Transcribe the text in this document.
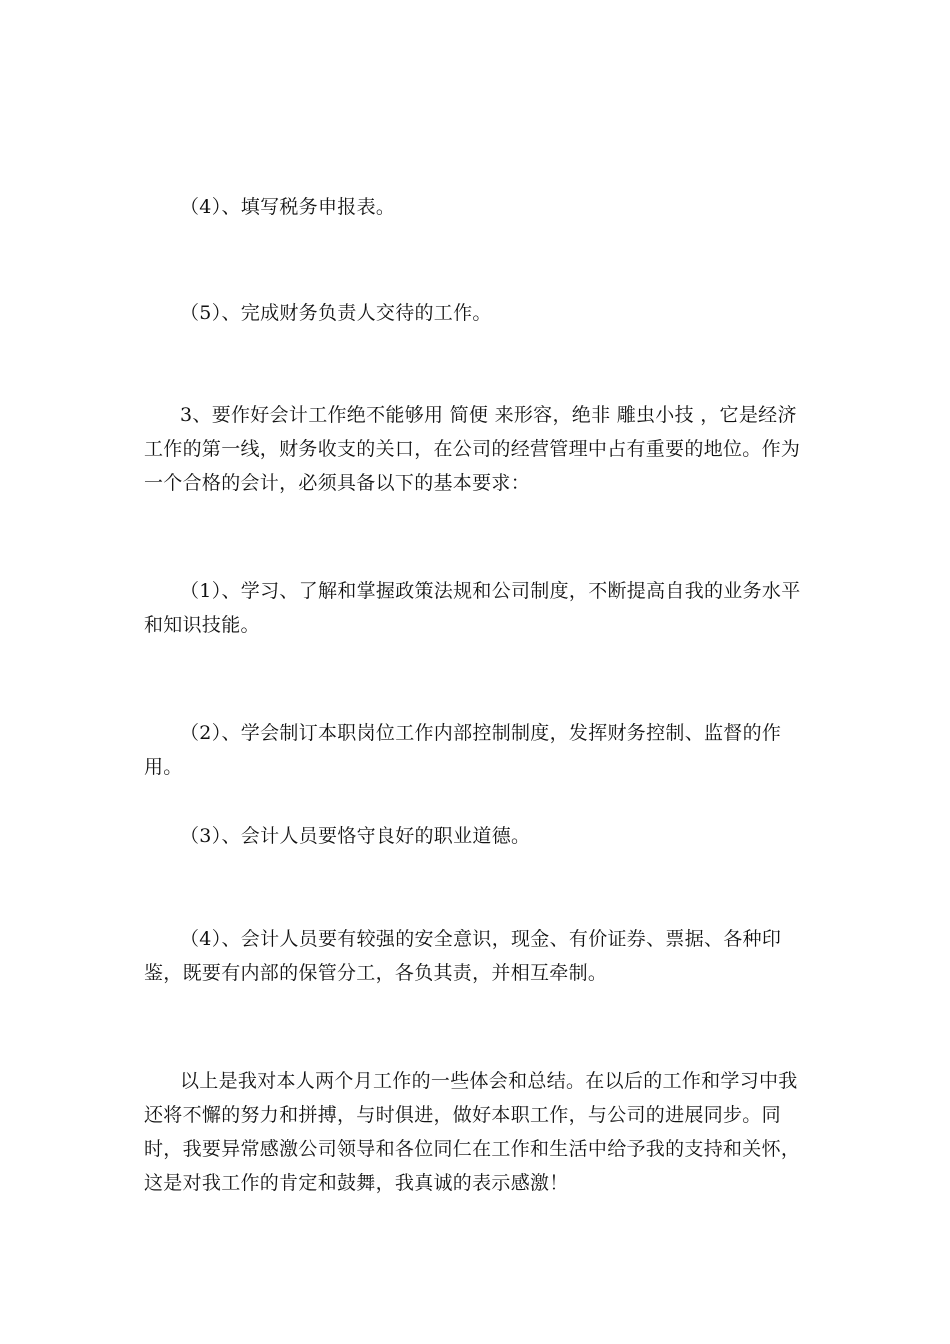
（4）、填写税务申报表。

（5）、完成财务负责人交待的工作。

3、要作好会计工作绝不能够用 简便 来形容，绝非 雕虫小技 ，它是经济工作的第一线，财务收支的关口，在公司的经营管理中占有重要的地位。作为一个合格的会计，必须具备以下的基本要求：

（1）、学习、了解和掌握政策法规和公司制度，不断提高自我的业务水平和知识技能。

（2）、学会制订本职岗位工作内部控制制度，发挥财务控制、监督的作用。

（3）、会计人员要恪守良好的职业道德。

（4）、会计人员要有较强的安全意识，现金、有价证券、票据、各种印鉴，既要有内部的保管分工，各负其责，并相互牵制。

以上是我对本人两个月工作的一些体会和总结。在以后的工作和学习中我还将不懈的努力和拼搏，与时俱进，做好本职工作，与公司的进展同步。同时，我要异常感激公司领导和各位同仁在工作和生活中给予我的支持和关怀，这是对我工作的肯定和鼓舞，我真诚的表示感激！
